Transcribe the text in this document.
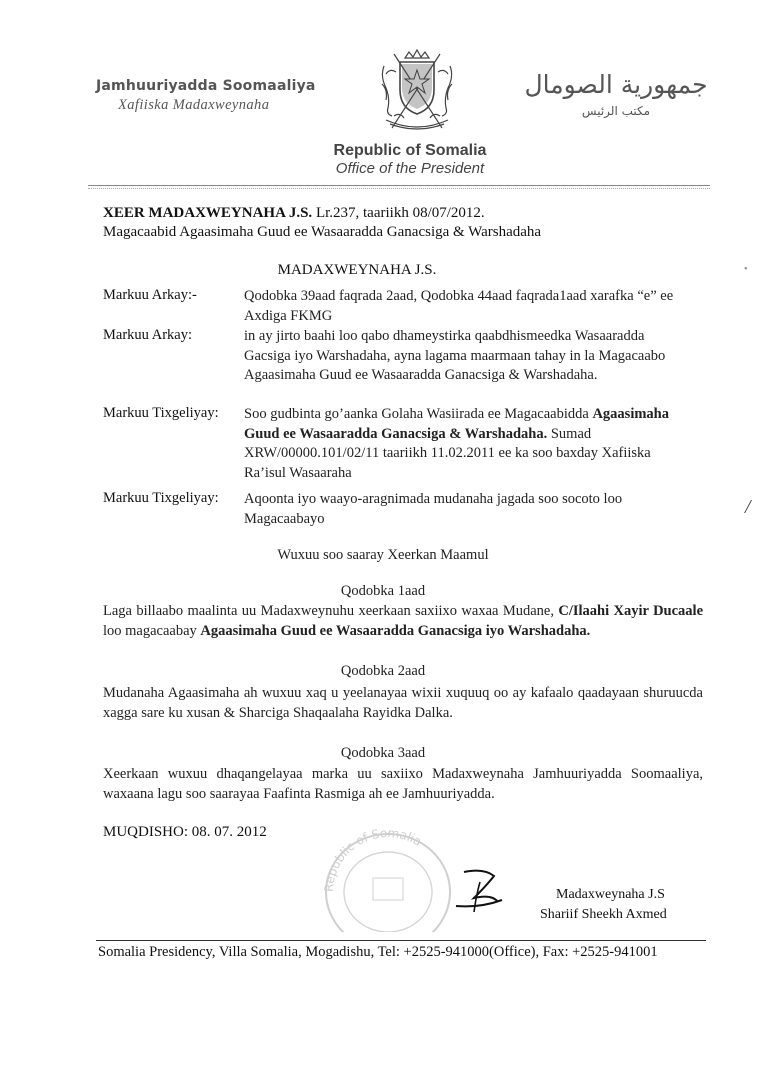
Jamhuuriyadda Soomaaliya
Xafiiska Madaxweynaha
جمهورية الصومال
مكتب الرئيس
Republic of Somalia
Office of the President
XEER MADAXWEYNAHA J.S. Lr.237, taariikh 08/07/2012.
Magacaabid Agaasimaha Guud ee Wasaaradda Ganacsiga & Warshadaha
MADAXWEYNAHA J.S.
Markuu Arkay:-	Qodobka 39aad faqrada 2aad, Qodobka 44aad faqrada1aad xarafka “e” ee Axdiga FKMG
Markuu Arkay:	in ay jirto baahi loo qabo dhameystirka qaabdhismeedka Wasaaradda Gacsiga iyo Warshadaha, ayna lagama maarmaan tahay in la Magacaabo Agaasimaha Guud ee Wasaaradda Ganacsiga & Warshadaha.
Markuu Tixgeliyay: Soo gudbinta go’aanka Golaha Wasiirada ee Magacaabidda Agaasimaha Guud ee Wasaaradda Ganacsiga & Warshadaha. Sumad XRW/00000.101/02/11 taariikh 11.02.2011 ee ka soo baxday Xafiiska Ra’isul Wasaaraha
Markuu Tixgeliyay: Aqoonta iyo waayo-aragnimada mudanaha jagada soo socoto loo Magacaabayo
Wuxuu soo saaray Xeerkan Maamul
Qodobka 1aad
Laga billaabo maalinta uu Madaxweynuhu xeerkaan saxiixo waxaa Mudane, C/Ilaahi Xayir Ducaale loo magacaabay Agaasimaha Guud ee Wasaaradda Ganacsiga iyo Warshadaha.
Qodobka 2aad
Mudanaha Agaasimaha ah wuxuu xaq u yeelanayaa wixii xuquuq oo ay kafaalo qaadayaan shuruucda xagga sare ku xusan & Sharciga Shaqaalaha Rayidka Dalka.
Qodobka 3aad
Xeerkaan wuxuu dhaqangelayaa marka uu saxiixo Madaxweynaha Jamhuuriyadda Soomaaliya, waxaana lagu soo saarayaa Faafinta Rasmiga ah ee Jamhuuriyadda.
MUQDISHO: 08. 07. 2012
Republic of Somalia
Madaxweynaha J.S
Shariif Sheekh Axmed
Somalia Presidency, Villa Somalia, Mogadishu, Tel: +2525-941000(Office), Fax: +2525-941001
•
/
